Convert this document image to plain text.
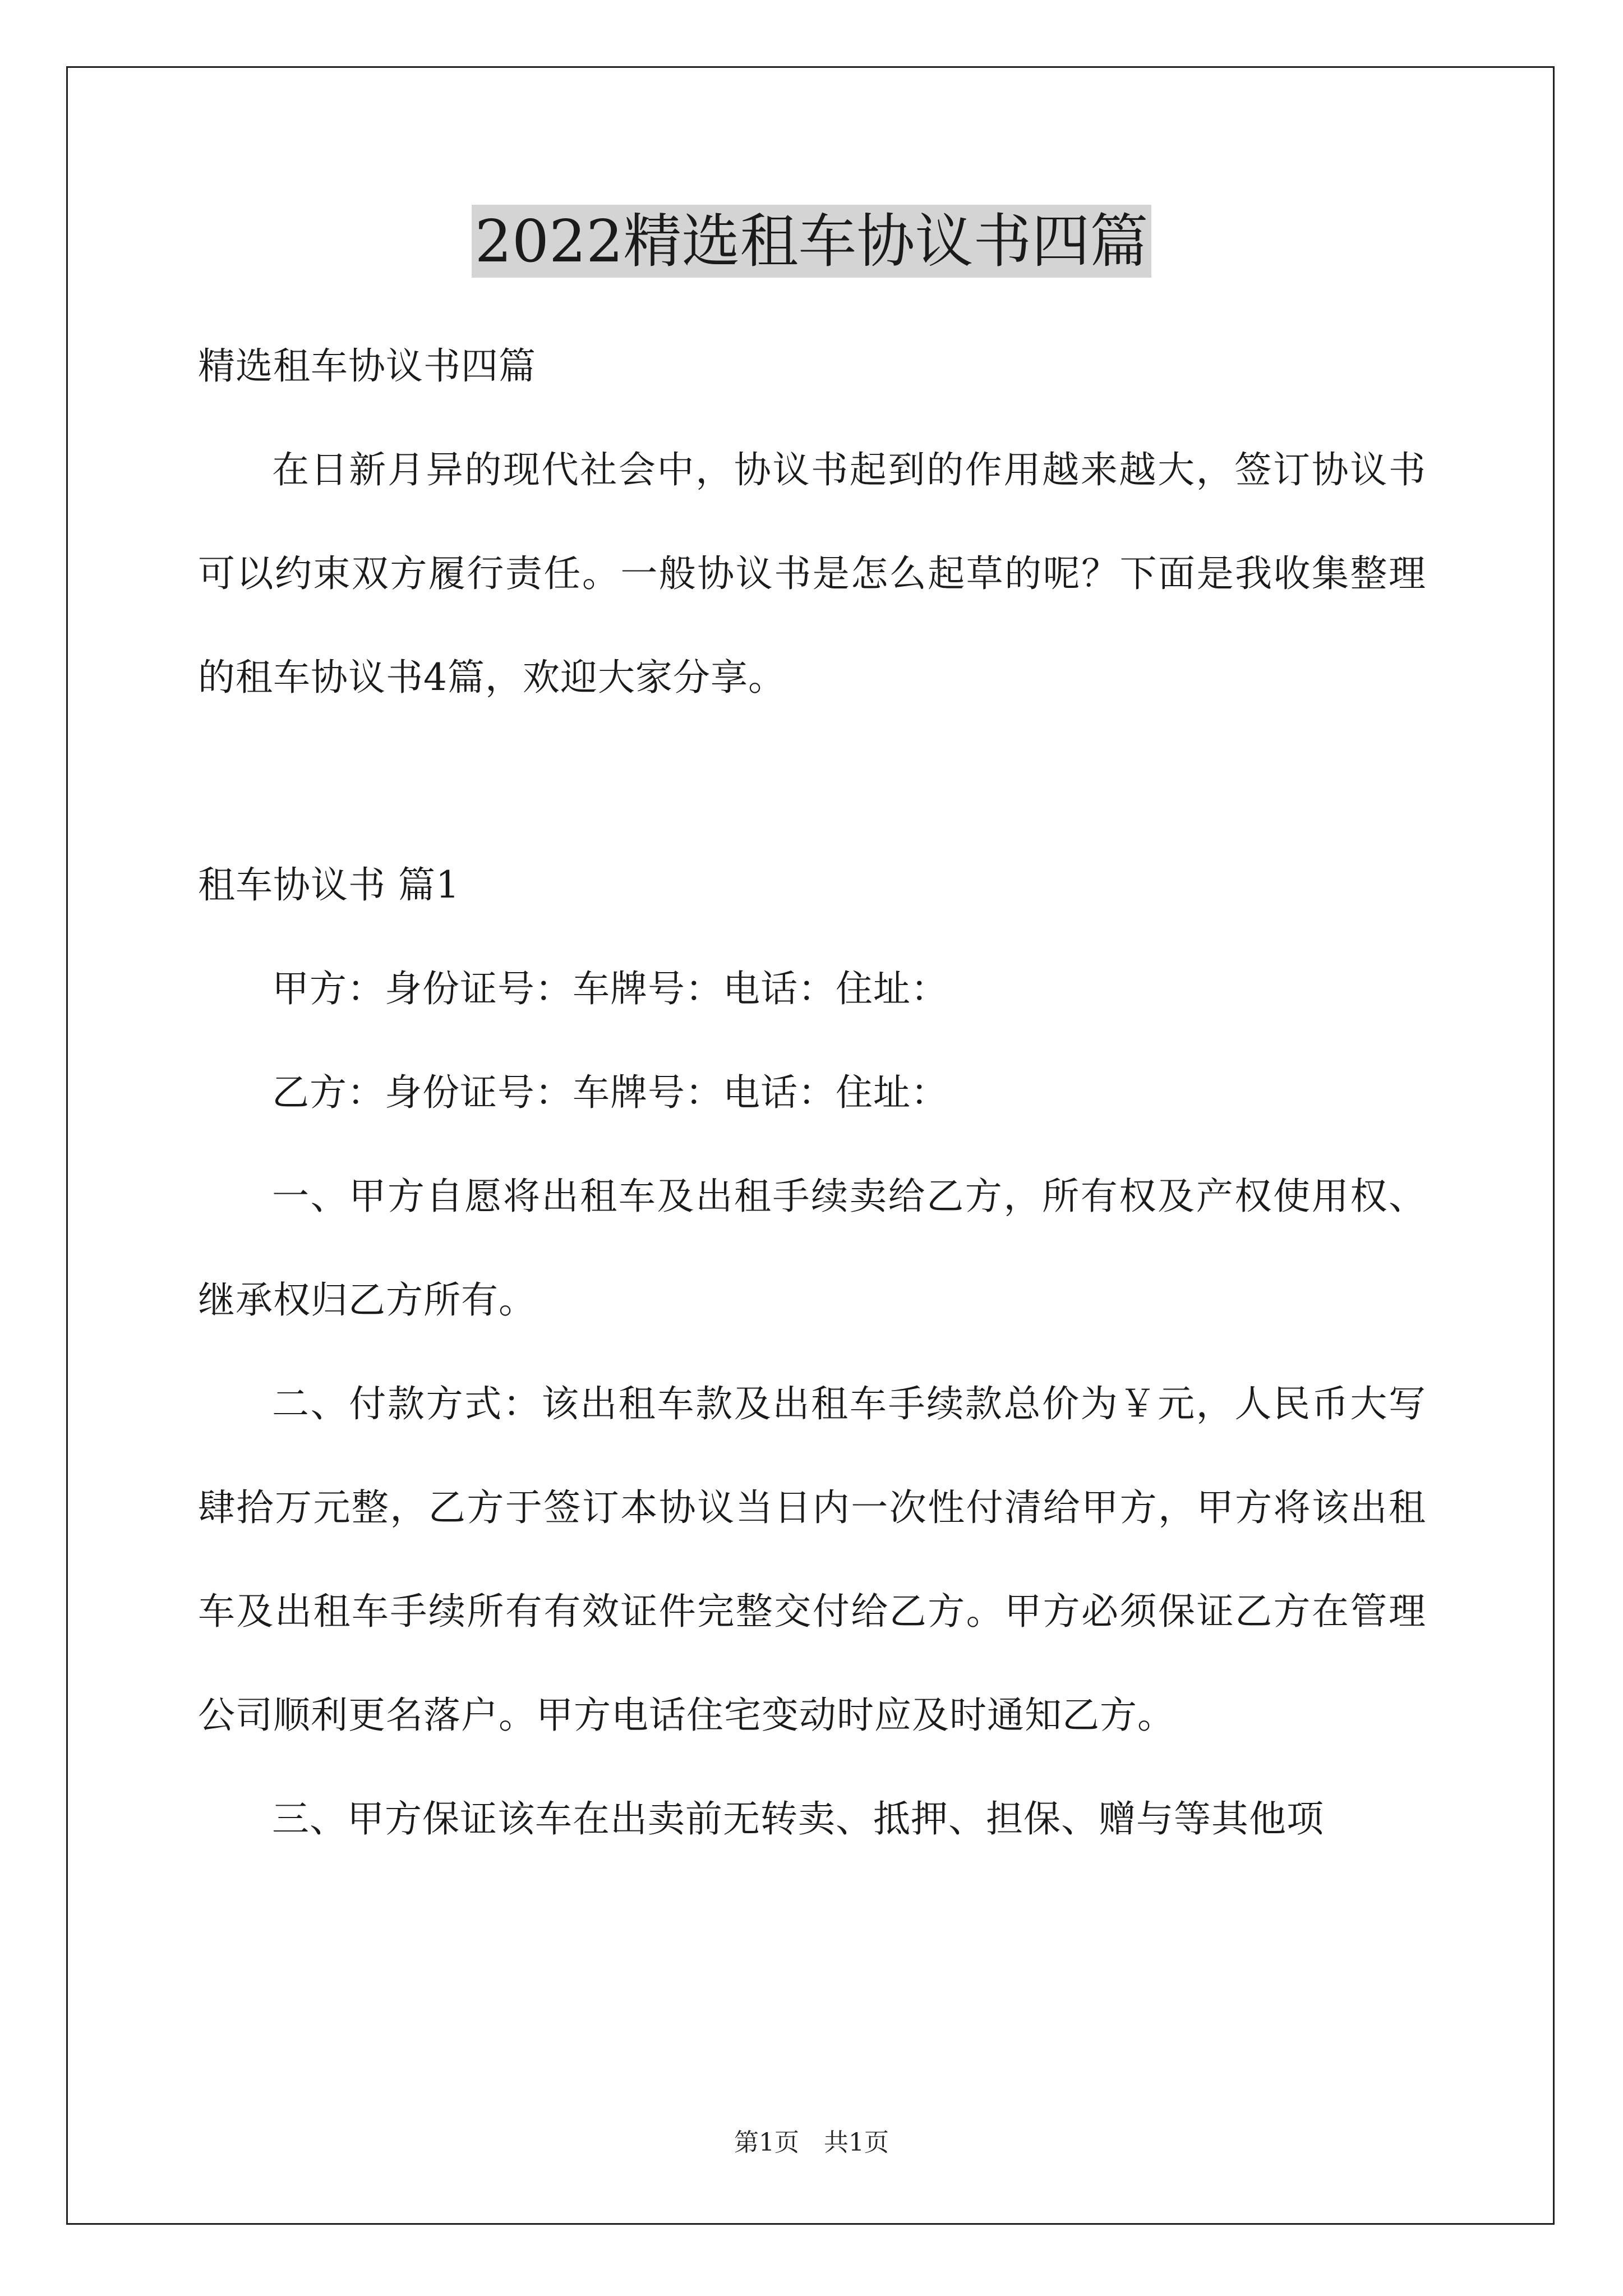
2022精选租车协议书四篇

精选租车协议书四篇

在日新月异的现代社会中，协议书起到的作用越来越大，签订协议书可以约束双方履行责任。一般协议书是怎么起草的呢？下面是我收集整理的租车协议书4篇，欢迎大家分享。

租车协议书 篇1

甲方：身份证号：车牌号：电话：住址：

乙方：身份证号：车牌号：电话：住址：

一、甲方自愿将出租车及出租手续卖给乙方，所有权及产权使用权、继承权归乙方所有。

二、付款方式：该出租车款及出租车手续款总价为￥元，人民币大写肆拾万元整，乙方于签订本协议当日内一次性付清给甲方，甲方将该出租车及出租车手续所有有效证件完整交付给乙方。甲方必须保证乙方在管理公司顺利更名落户。甲方电话住宅变动时应及时通知乙方。

三、甲方保证该车在出卖前无转卖、抵押、担保、赠与等其他项

第1页 共1页
